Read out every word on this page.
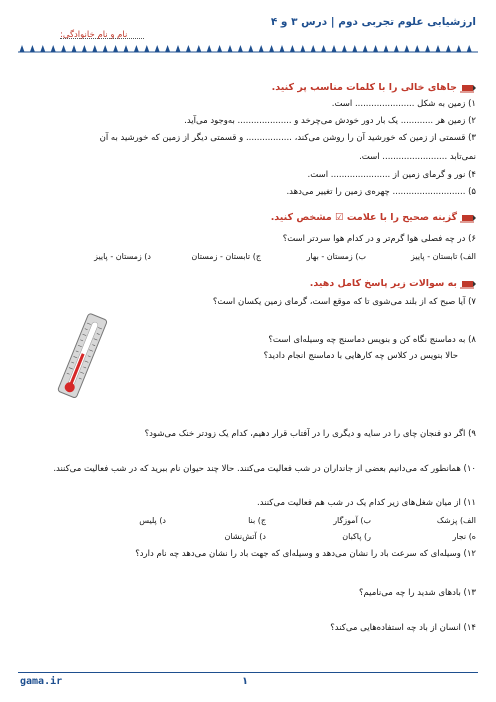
ارزشیابی علوم تجربی دوم | درس ۳ و ۴
نام و نام خانوادگی:
جاهای خالی را با کلمات مناسب پر کنید.
۱) زمین به شکل ...................... است.
۲) زمین هر ............ یک بار دور خودش می‌چرخد و .................... به‌وجود می‌آید.
۳) قسمتی از زمین که خورشید آن را روشن می‌کند، ................. و قسمتی دیگر از زمین که خورشید به آن
نمی‌تابد ........................ است.
۴) نور و گرمای زمین از ...................... است.
۵) ........................... چهره‌ی زمین را تغییر می‌دهد.
گزینه صحیح را با علامت ☑ مشخص کنید.
۶) در چه فصلی هوا گرم‌تر و در کدام هوا سردتر است؟
الف) تابستان - پاییز
ب) زمستان - بهار
ج) تابستان - زمستان
د) زمستان - پاییز
به سوالات زیر پاسخ کامل دهید.
۷) آیا صبح که از بلند می‌شوی تا که موقع است، گرمای زمین یکسان است؟
۸) به دماسنج نگاه کن و بنویس دماسنج چه وسیله‌ای است؟
حالا بنویس در کلاس چه کارهایی با دماسنج انجام دادید؟
۹) اگر دو فنجان چای را در سایه و دیگری را در آفتاب قرار دهیم، کدام یک زودتر خنک می‌شود؟
۱۰) همانطور که می‌دانیم بعضی از جانداران در شب فعالیت می‌کنند. حالا چند حیوان نام ببرید که در شب فعالیت می‌کنند.
۱۱) از میان شغل‌های زیر کدام یک در شب هم فعالیت می‌کنند.
الف) پزشک
ب) آموزگار
ج) بنا
د) پلیس
ه) نجار
ر) پاکبان
د) آتش‌نشان
۱۲) وسیله‌ای که سرعت باد را نشان می‌دهد و وسیله‌ای که جهت باد را نشان می‌دهد چه نام دارد؟
۱۳) بادهای شدید را چه می‌نامیم؟
۱۴) انسان از باد چه استفاده‌هایی می‌کند؟
gama.ir	۱
